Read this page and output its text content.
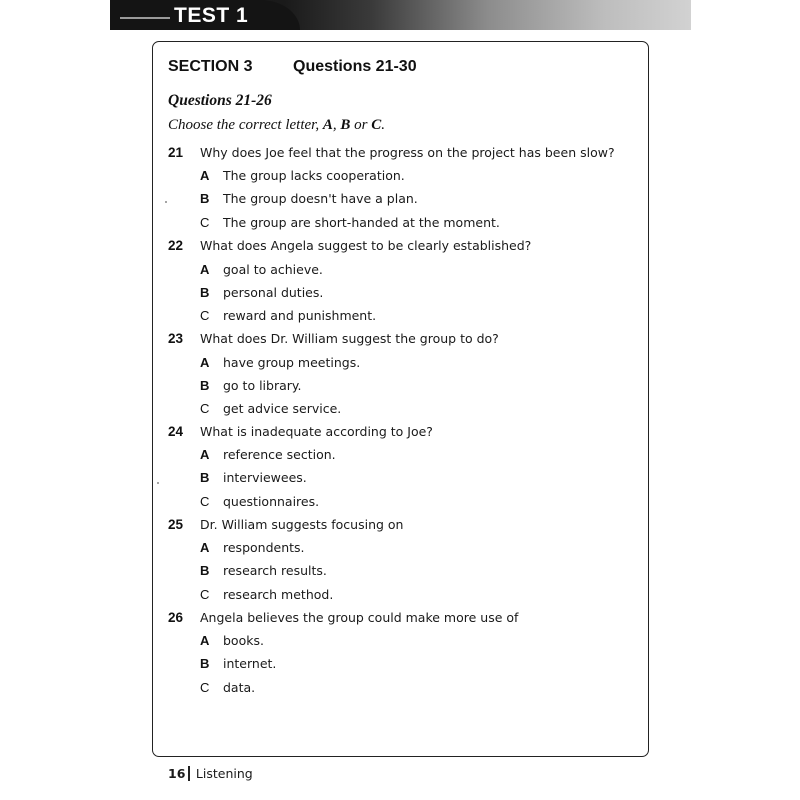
TEST 1
SECTION 3	Questions 21-30
Questions 21-26
Choose the correct letter, A, B or C.
21 Why does Joe feel that the progress on the project has been slow?
A The group lacks cooperation.
B The group doesn't have a plan.
C The group are short-handed at the moment.
22 What does Angela suggest to be clearly established?
A goal to achieve.
B personal duties.
C reward and punishment.
23 What does Dr. William suggest the group to do?
A have group meetings.
B go to library.
C get advice service.
24 What is inadequate according to Joe?
A reference section.
B interviewees.
C questionnaires.
25 Dr. William suggests focusing on
A respondents.
B research results.
C research method.
26 Angela believes the group could make more use of
A books.
B internet.
C data.
16 Listening
